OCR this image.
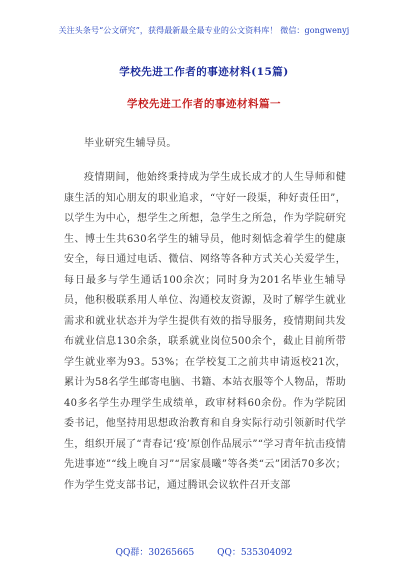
关注头条号“公文研究”，获得最新最全最专业的公文资料库！ 微信：gongwenyj
学校先进工作者的事迹材料(15篇)
学校先进工作者的事迹材料篇一

毕业研究生辅导员。

疫情期间，他始终秉持成为学生成长成才的人生导师和健康生活的知心朋友的职业追求，“守好一段渠，种好责任田”，以学生为中心，想学生之所想，急学生之所急，作为学院研究生、博士生共630名学生的辅导员，他时刻惦念着学生的健康安全，每日通过电话、微信、网络等各种方式关心关爱学生，每日最多与学生通话100余次；同时身为201名毕业生辅导员，他积极联系用人单位、沟通校友资源，及时了解学生就业需求和就业状态并为学生提供有效的指导服务，疫情期间共发布就业信息130余条，联系就业岗位500余个，截止目前所带学生就业率为93。53%；在学校复工之前共申请返校21次，累计为58名学生邮寄电脑、书籍、本站衣服等个人物品，帮助40多名学生办理学生成绩单，政审材料60余份。作为学院团委书记，他坚持用思想政治教育和自身实际行动引领新时代学生，组织开展了“青春记‘疫’原创作品展示”“学习青年抗击疫情先进事迹”“线上晚自习”“居家晨曦”等各类“云”团活70多次；作为学生党支部书记，通过腾讯会议软件召开支部

QQ群：30265665	QQ：535304092
